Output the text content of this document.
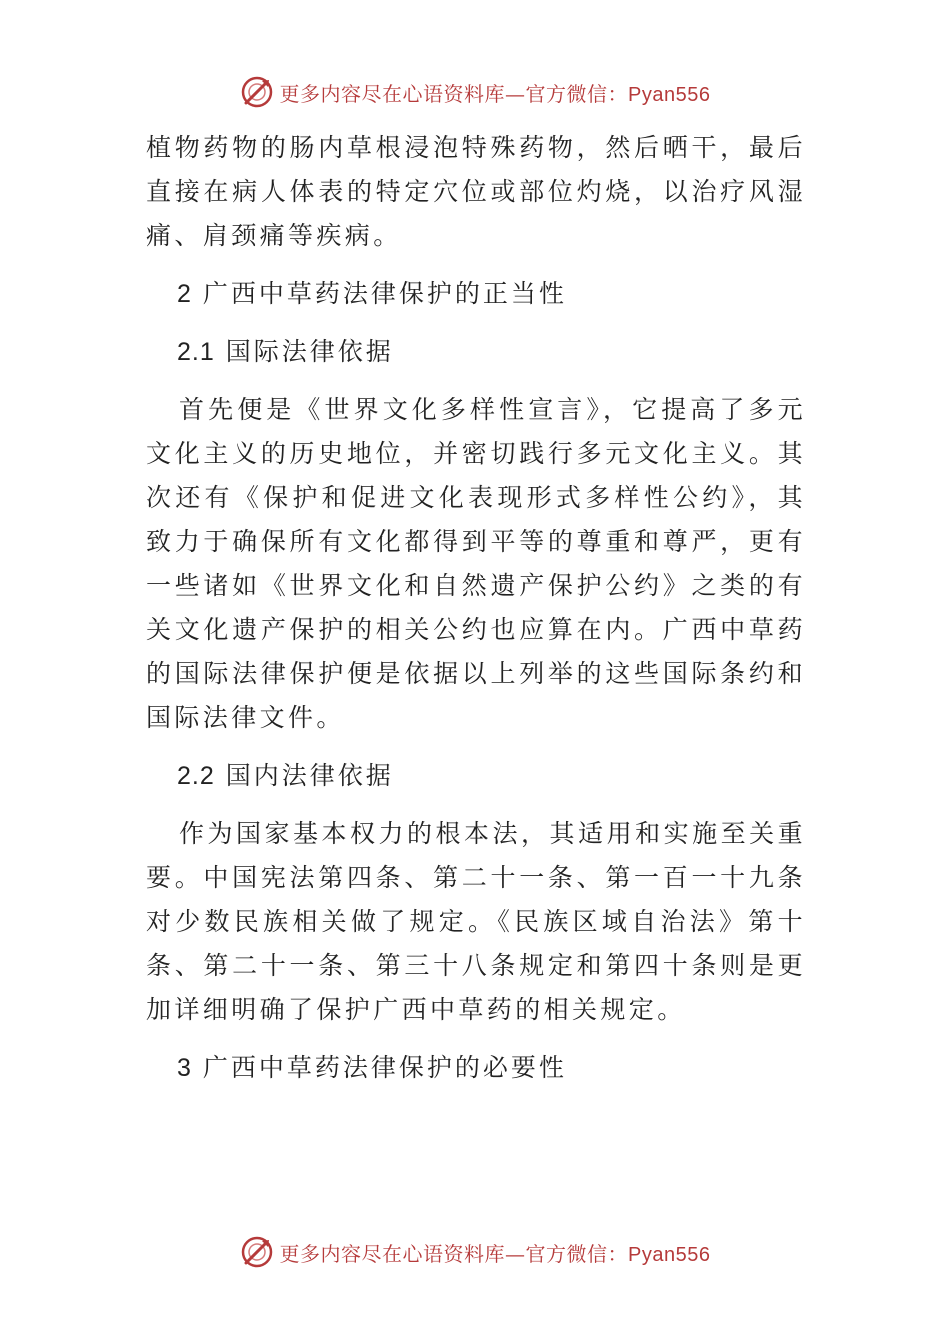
更多内容尽在心语资料库—官方微信：Pyan556

植物药物的肠内草根浸泡特殊药物，然后晒干，最后直接在病人体表的特定穴位或部位灼烧，以治疗风湿痛、肩颈痛等疾病。

2 广西中草药法律保护的正当性

2.1 国际法律依据

首先便是《世界文化多样性宣言》，它提高了多元文化主义的历史地位，并密切践行多元文化主义。其次还有《保护和促进文化表现形式多样性公约》，其致力于确保所有文化都得到平等的尊重和尊严，更有一些诸如《世界文化和自然遗产保护公约》之类的有关文化遗产保护的相关公约也应算在内。广西中草药的国际法律保护便是依据以上列举的这些国际条约和国际法律文件。

2.2 国内法律依据

作为国家基本权力的根本法，其适用和实施至关重要。中国宪法第四条、第二十一条、第一百一十九条对少数民族相关做了规定。《民族区域自治法》第十条、第二十一条、第三十八条规定和第四十条则是更加详细明确了保护广西中草药的相关规定。

3 广西中草药法律保护的必要性

更多内容尽在心语资料库—官方微信：Pyan556
